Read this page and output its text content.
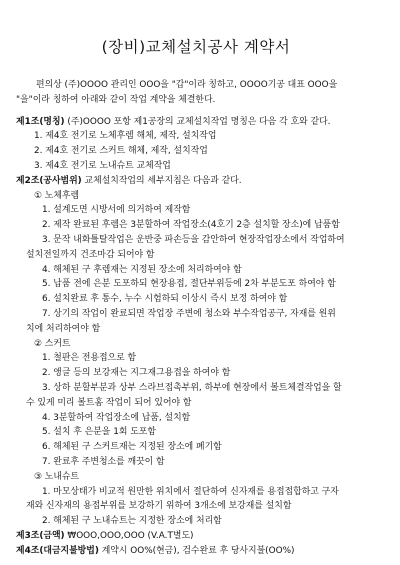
(장비)교체설치공사 계약서

편의상 (주)OOOO 관리인 OOO을 "갑"이라 칭하고, OOOO기공 대표 OOO을

"을"이라 칭하여 아래와 같이 작업 계약을 체결한다.

제1조(명칭) (주)OOOO 포항 제1공장의 교체설치작업 명칭은 다음 각 호와 같다.

1. 제4호 전기로 노체후렘 해체, 제작, 설치작업

2. 제4호 전기로 스커트 해체, 제작, 설치작업

3. 제4호 전기로 노내슈트 교체작업

제2조(공사범위) 교체설치작업의 세부지침은 다음과 같다.

① 노체후렘

1. 설계도면 시방서에 의거하여 제작함

2. 제작 완료된 후렘은 3분할하여 작업장소(4호기 2층 설치할 장소)에 납품함

3. 문작 내화틀탈작업은 운반중 파손등을 감안하여 현장작업장소에서 작업하여

설치전일까지 건조마감 되어야 함

4. 해체된 구 후렘재는 지정된 장소에 처리하여야 함

5. 납품 전에 은분 도포하되 현장용접, 절단부위등에 2차 부분도포 하여야 함

6. 설치완료 후 통수, 누수 시험하되 이상시 즉시 보정 하여야 함

7. 상기의 작업이 완료되면 작업장 주변에 청소와 부수작업공구, 자재를 원위

치에 처리하여야 함

② 스커트

1. 철판은 전용접으로 함

2. 앵글 등의 보강재는 지그재그용접을 하여야 함

3. 상하 분할부분과 상부 스라브접촉부위, 하부에 현장에서 볼트체결작업을 할

수 있게 미리 볼트홈 작업이 되어 있어야 함

4. 3분할하여 작업장소에 납품, 설치함

5. 설치 후 은분을 1회 도포함

6. 해체된 구 스커트재는 지정된 장소에 폐기함

7. 완료후 주변청소를 깨끗이 함

③ 노내슈트

1. 마모상태가 비교적 원만한 위치에서 절단하여 신자재를 용접접합하고 구자

재와 신자재의 용접부위를 보강하기 위하여 3개소에 보강재를 설치함

2. 해체된 구 노내슈트는 지정한 장소에 처리함

제3조(금액) ₩OOO,OOO,OOO (V.A.T별도)

제4조(대금지불방법) 계약시 OO%(현금), 검수완료 후 당사지불(OO%)
